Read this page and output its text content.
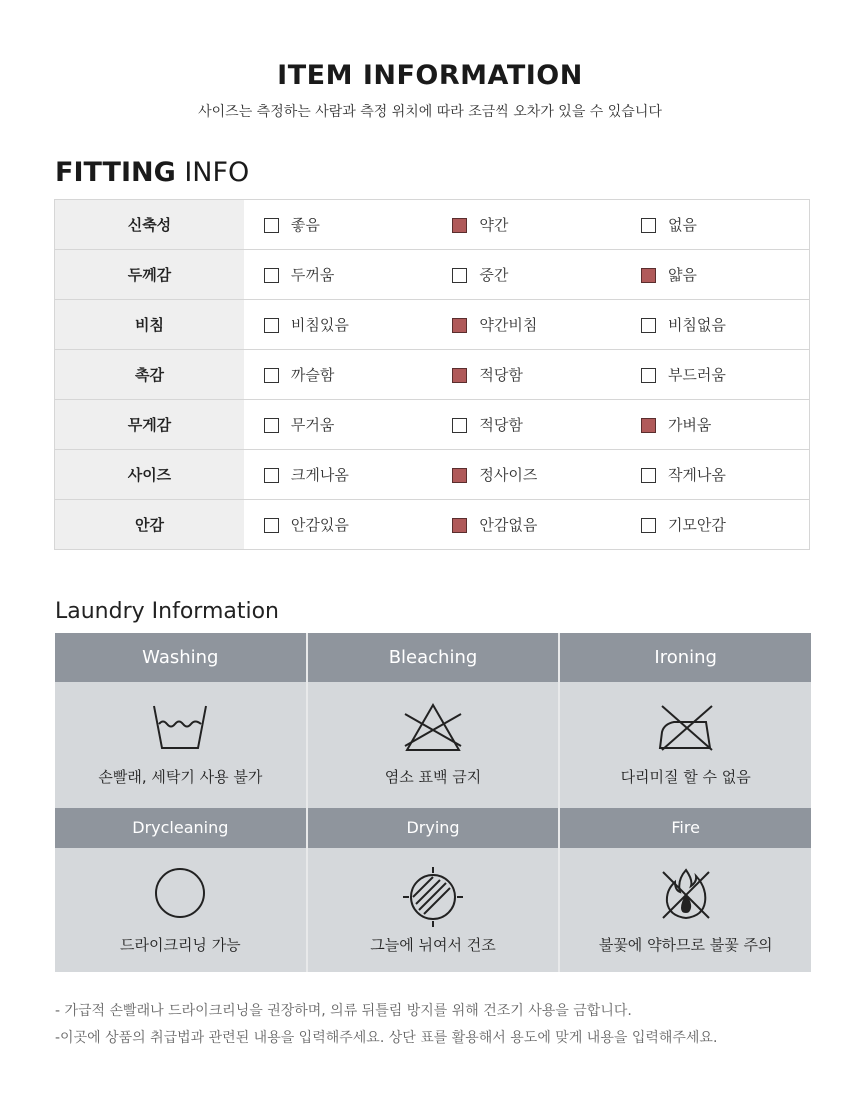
ITEM INFORMATION
사이즈는 측정하는 사람과 측정 위치에 따라 조금씩 오차가 있을 수 있습니다
FITTING INFO
신축성	좋음	약간	없음
두께감	두꺼움	중간	얇음
비침	비침있음	약간비침	비침없음
촉감	까슬함	적당함	부드러움
무게감	무거움	적당함	가벼움
사이즈	크게나옴	정사이즈	작게나옴
안감	안감있음	안감없음	기모안감
Laundry Information
Washing	Bleaching	Ironing
손빨래, 세탁기 사용 불가	염소 표백 금지	다리미질 할 수 없음
Drycleaning	Drying	Fire
드라이크리닝 가능	그늘에 뉘여서 건조	불꽃에 약하므로 불꽃 주의
- 가급적 손빨래나 드라이크리닝을 권장하며, 의류 뒤틀림 방지를 위해 건조기 사용을 금합니다.
-이곳에 상품의 취급법과 관련된 내용을 입력해주세요. 상단 표를 활용해서 용도에 맞게 내용을 입력해주세요.
